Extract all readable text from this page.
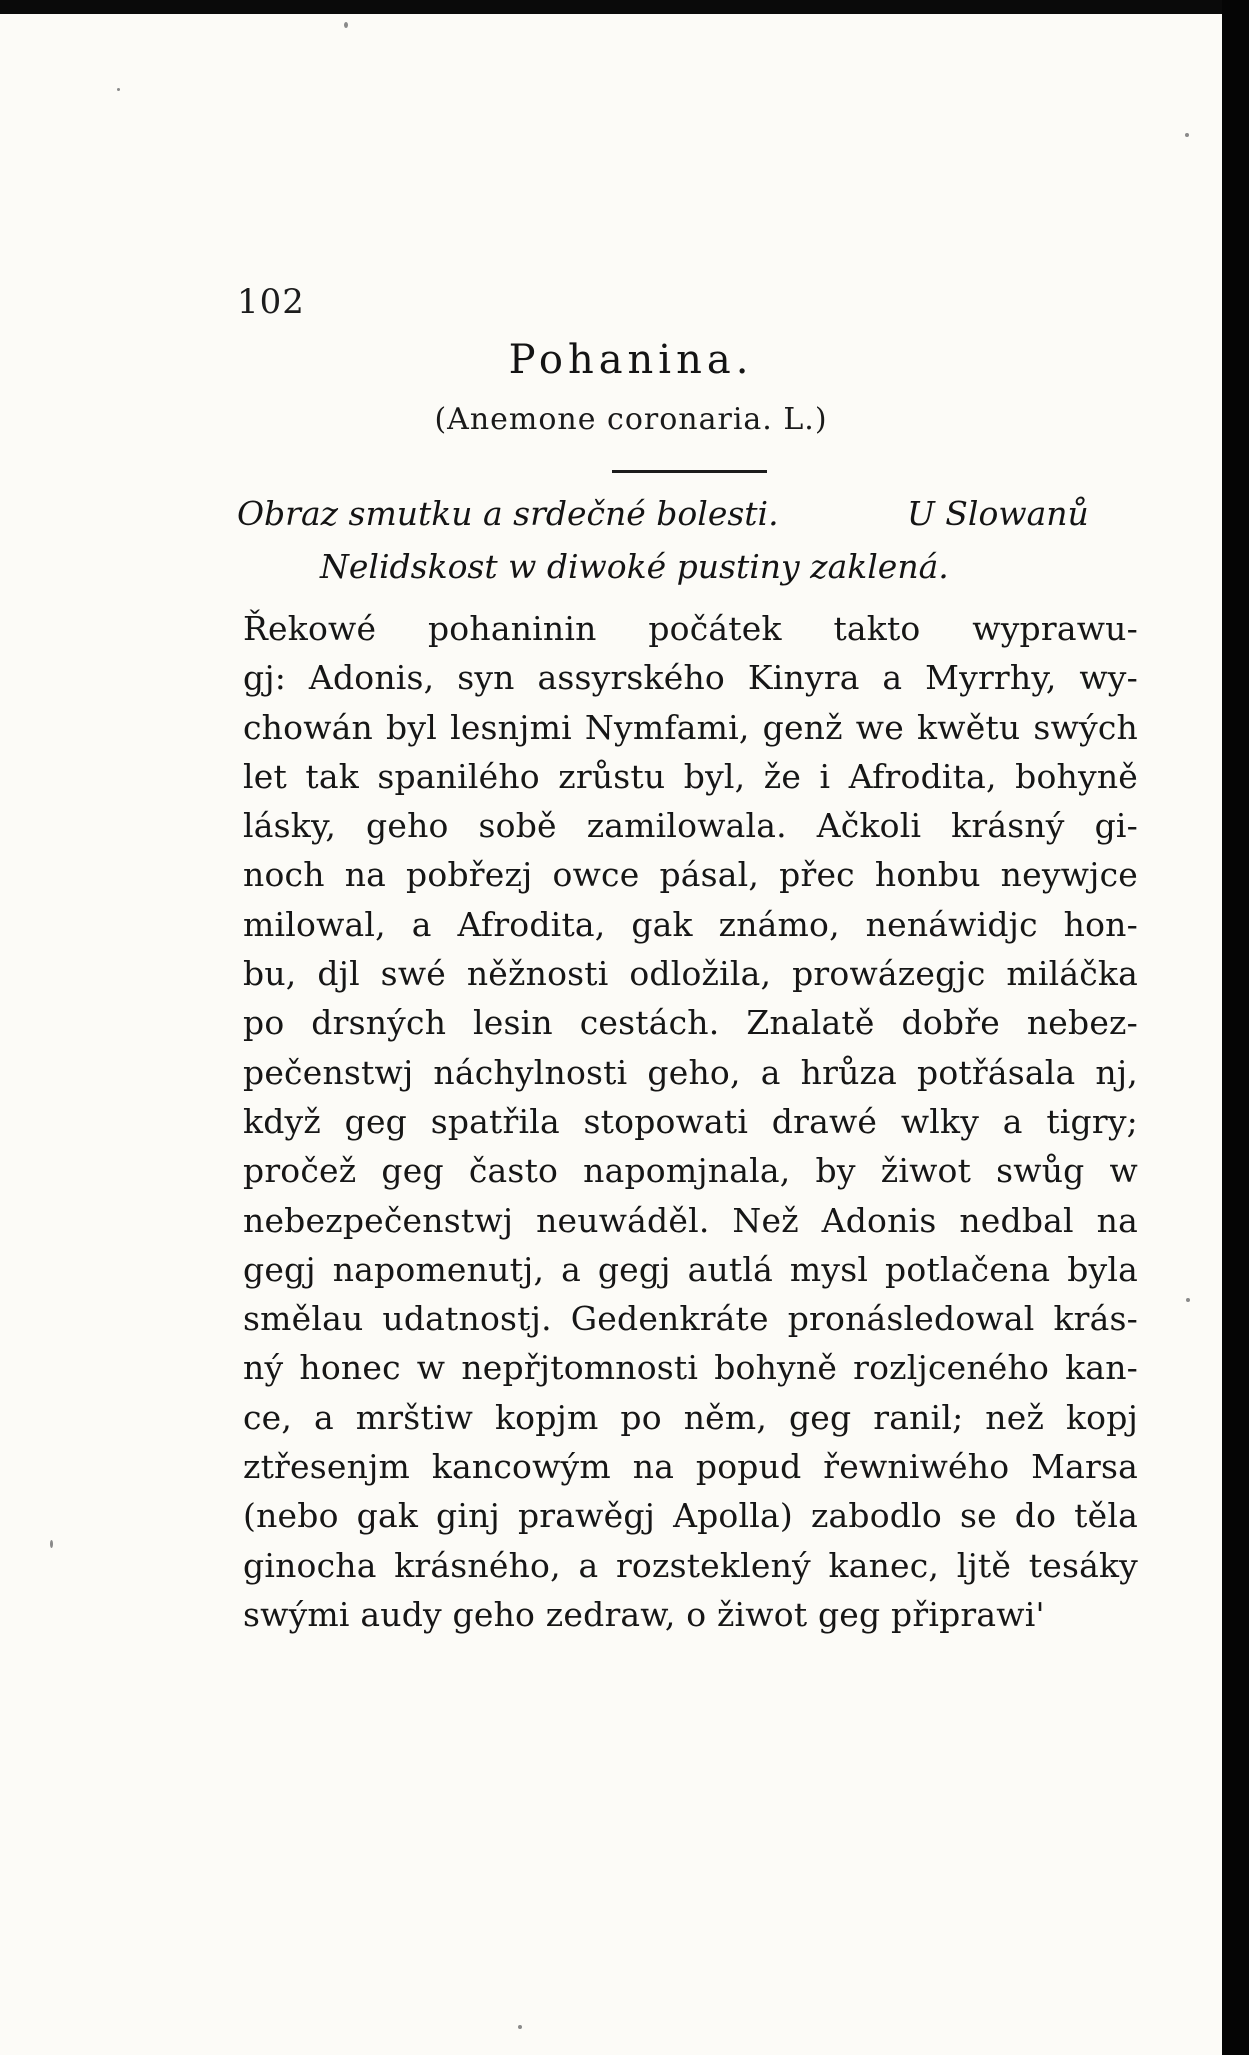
102
Pohanina.
(Anemone coronaria. L.)
Obraz smutku a srdečné bolesti.	U Slowanů
Nelidskost w diwoké pustiny zaklená.
Řekowé pohaninin počátek takto wyprawu-
gj: Adonis, syn assyrského Kinyra a Myrrhy, wy-
chowán byl lesnjmi Nymfami, genž we kwětu swých
let tak spanilého zrůstu byl, že i Afrodita, bohyně
lásky, geho sobě zamilowala. Ačkoli krásný gi-
noch na pobřezj owce pásal, přec honbu neywjce
milowal, a Afrodita, gak známo, nenáwidjc hon-
bu, djl swé něžnosti odložila, prowázegjc miláčka
po drsných lesin cestách. Znalatě dobře nebez-
pečenstwj náchylnosti geho, a hrůza potřásala nj,
když geg spatřila stopowati drawé wlky a tigry;
pročež geg často napomjnala, by žiwot swůg w
nebezpečenstwj neuwáděl. Než Adonis nedbal na
gegj napomenutj, a gegj autlá mysl potlačena byla
smělau udatnostj. Gedenkráte pronásledowal krás-
ný honec w nepřjtomnosti bohyně rozljceného kan-
ce, a mrštiw kopjm po něm, geg ranil; než kopj
ztřesenjm kancowým na popud řewniwého Marsa
(nebo gak ginj prawěgj Apolla) zabodlo se do těla
ginocha krásného, a rozsteklený kanec, ljtě tesáky
swými audy geho zedraw, o žiwot geg připrawi'
